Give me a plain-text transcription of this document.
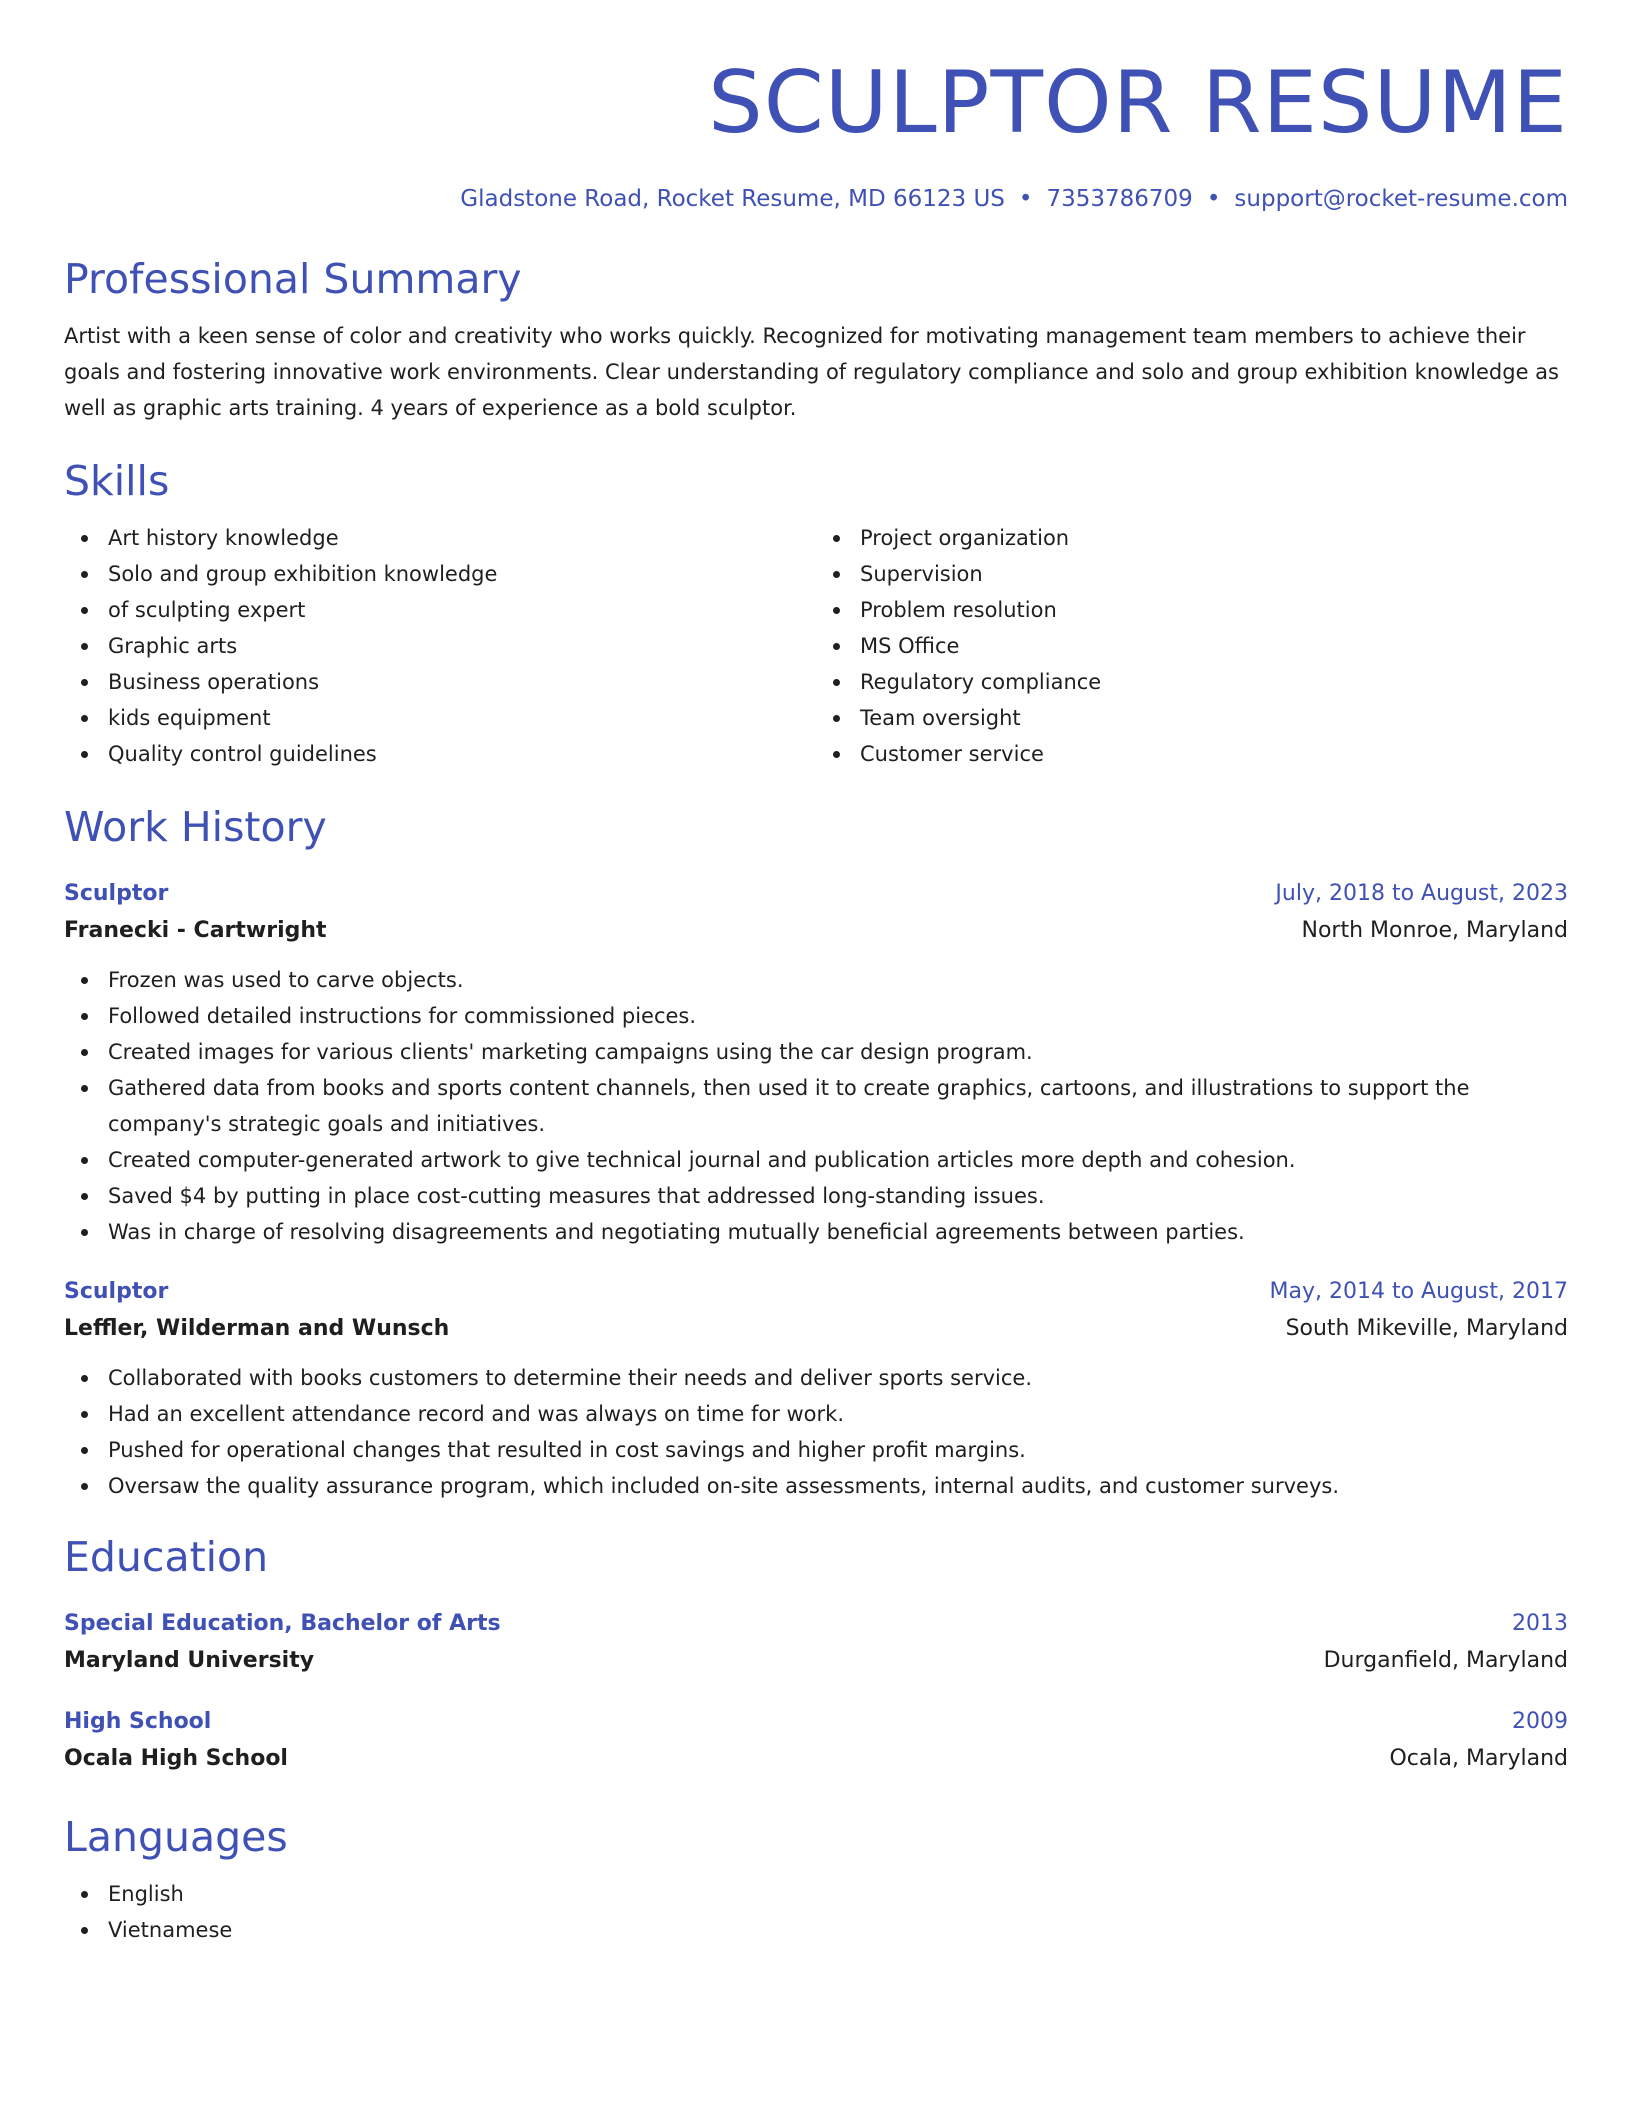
SCULPTOR RESUME
Gladstone Road, Rocket Resume, MD 66123 US • 7353786709 • support@rocket-resume.com
Professional Summary
Artist with a keen sense of color and creativity who works quickly. Recognized for motivating management team members to achieve their goals and fostering innovative work environments. Clear understanding of regulatory compliance and solo and group exhibition knowledge as well as graphic arts training. 4 years of experience as a bold sculptor.
Skills
Art history knowledge
Solo and group exhibition knowledge
of sculpting expert
Graphic arts
Business operations
kids equipment
Quality control guidelines
Project organization
Supervision
Problem resolution
MS Office
Regulatory compliance
Team oversight
Customer service
Work History
Sculptor	July, 2018 to August, 2023
Franecki - Cartwright	North Monroe, Maryland
Frozen was used to carve objects.
Followed detailed instructions for commissioned pieces.
Created images for various clients' marketing campaigns using the car design program.
Gathered data from books and sports content channels, then used it to create graphics, cartoons, and illustrations to support the company's strategic goals and initiatives.
Created computer-generated artwork to give technical journal and publication articles more depth and cohesion.
Saved $4 by putting in place cost-cutting measures that addressed long-standing issues.
Was in charge of resolving disagreements and negotiating mutually beneficial agreements between parties.
Sculptor	May, 2014 to August, 2017
Leffler, Wilderman and Wunsch	South Mikeville, Maryland
Collaborated with books customers to determine their needs and deliver sports service.
Had an excellent attendance record and was always on time for work.
Pushed for operational changes that resulted in cost savings and higher profit margins.
Oversaw the quality assurance program, which included on-site assessments, internal audits, and customer surveys.
Education
Special Education, Bachelor of Arts	2013
Maryland University	Durganfield, Maryland
High School	2009
Ocala High School	Ocala, Maryland
Languages
English
Vietnamese
